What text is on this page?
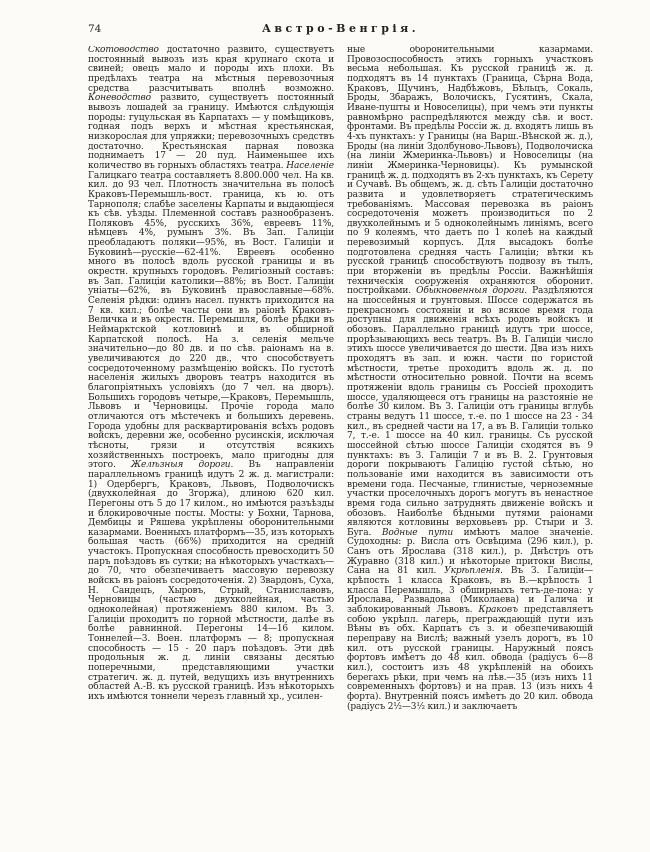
74	Австро-Венгрія.
Скотоводство достаточно развито, существуетъ постоянный вывозъ изъ края крупнаго скота и свиней; овецъ мало и породы ихъ плохи. Въ предѣлахъ театра на мѣстныя перевозочныя средства разсчитывать вполнѣ возможно. Коневодство развито, существуетъ постоянный вывозъ лошадей за границу. Имѣются слѣдующія породы: гуцульская въ Карпатахъ — у помѣщиковъ, годная подъ верхъ и мѣстная крестьянская, низкорослая для упряжки; перевозочныхъ средствъ достаточно. Крестьянская парная повозка поднимаетъ 17 — 20 пуд. Наименьшее ихъ количество въ горныхъ областяхъ театра. Населеніе Галицкаго театра составляетъ 8.800.000 чел. На кв. кил. до 93 чел. Плотность значительна въ полосѣ Краковъ-Перемышль-вост. граница, къ ю. отъ Тарнополя; слабѣе заселены Карпаты и выдающіеся къ сѣв. уѣзды. Племенной составъ разнообразенъ. Поляковъ 45%, русскихъ 36%, евреевъ 11%, нѣмцевъ 4%, румынъ 3%. Въ Зап. Галиціи преобладаютъ поляки—95%, въ Вост. Галиціи и Буковинѣ—русскіе—62-41%. Евреевъ особенно много въ полосѣ вдоль русской границы и въ окрестн. крупныхъ городовъ. Религіозный составъ: въ Зап. Галиціи католики—88%; въ Вост. Галиціи уніаты—62%, въ Буковинѣ православные—68%. Селенія рѣдки: одинъ насел. пунктъ приходится на 7 кв. кил.; болѣе часты они въ раіонѣ Краковъ-Величка и въ окрестн. Перемышля, болѣе рѣдки въ Неймарктской котловинѣ и въ обширной Карпатской полосѣ. На з. селенія мельче значительно—до 80 дв. и по сѣв. раіонамъ на в. увеличиваются до 220 дв., что способствуетъ сосредоточенному размѣщенію войскъ. По густотѣ населенія жилыхъ дворовъ театръ находится въ благопріятныхъ условіяхъ (до 7 чел. на дворъ). Большихъ городовъ четыре,—Краковъ, Перемышль, Львовъ и Черновицы. Прочіе города мало отличаются отъ мѣстечекъ и большихъ деревень. Города удобны для расквартированія всѣхъ родовъ войскъ, деревни же, особенно русинскія, исключая тѣсноты, грязи и отсутствія всякихъ хозяйственныхъ построекъ, мало пригодны для этого. Желѣзныя дороги. Въ направленіи параллельномъ границѣ идутъ 2 ж. д. магистрали: 1) Одербергъ, Краковъ, Львовъ, Подволочискъ (двухколейная до Згоржа), длиною 620 кил. Перегоны отъ 5 до 17 килом., но имѣются разъѣзды и блокировочные посты. Мосты: у Бохни, Тарнова, Дембицы и Ряшева укрѣплены оборонительными казармами. Военныхъ платформъ—35, изъ которыхъ большая часть (66%) приходится на средній участокъ. Пропускная способность превосходитъ 50 паръ поѣздовъ въ сутки; на нѣкоторыхъ участкахъ—до 70, что обезпечиваетъ массовую перевозку войскъ въ раіонъ сосредоточенія. 2) Звардонъ, Суха, Н. Сандецъ, Хыровъ, Стрый, Станиславовъ, Черновицы (частью двухколейная, частью одноколейная) протяженіемъ 880 килом. Въ З. Галиціи проходитъ по горной мѣстности, далѣе въ болѣе равнинной. Перегоны 14—16 килом. Тоннелей—3. Воен. платформъ — 8; пропускная способность — 15 - 20 паръ поѣздовъ. Эти двѣ продольныя ж. д. линіи связаны десятью поперечными, представляющими участки стратегич. ж. д. путей, ведущихъ изъ внутреннихъ областей А.-В. къ русской границѣ. Изъ нѣкоторыхъ ихъ имѣются тоннели черезъ главный хр., усилен-
ные оборонительными казармами. Провозоспособность этихъ горныхъ участковъ весьма небольшая. Къ русской границѣ ж. д. подходятъ въ 14 пунктахъ (Граница, Сѣрна Вода, Краковъ, Щучинъ, Надбѣжовъ, Бѣльцъ, Сокаль, Броды, Збаражъ, Волочискъ, Гусятинъ, Скала, Иване-пушты и Новоселицы), при чемъ эти пункты равномѣрно распредѣляются между сѣв. и вост. фронтами. Въ предѣлы Россіи ж. д. входятъ лишь въ 4-хъ пунктахъ: у Границы (на Варш.-Вѣнской ж. д.), Броды (на линіи Здолбуново-Львовъ), Подволочиска (на линіи Жмеринка-Львовъ) и Новоселицы (на линіи Жмеринка-Черновицы). Къ румынской границѣ ж. д. подходятъ въ 2-хъ пунктахъ, къ Серету и Сучавѣ. Въ общемъ, ж. д. сѣть Галиціи достаточно развита и удовлетворяетъ стратегическимъ требованіямъ. Массовая перевозка въ раіонъ сосредоточенія можетъ производиться по 2 двухколейнымъ и 5 одноколейнымъ линіямъ, всего по 9 колеямъ, что даетъ по 1 колеѣ на каждый перевозимый корпусъ. Для высадокъ болѣе подготовлена средняя часть Галиціи; вѣтки къ русской границѣ способствуютъ подвозу въ тылъ, при вторженіи въ предѣлы Россіи. Важнѣйшія техническія сооруженія охраняются оборонит. постройками. Обыкновенныя дороги. Раздѣляются на шоссейныя и грунтовыя. Шоссе содержатся въ прекрасномъ состояніи и во всякое время года доступны для движенія всѣхъ родовъ войскъ и обозовъ. Параллельно границѣ идутъ три шоссе, прорѣзывающихъ весь театръ. Въ В. Галиціи число этихъ шоссе увеличивается до шести. Два изъ нихъ проходятъ въ зап. и южн. части по гористой мѣстности, третье проходитъ вдоль ж. д. по мѣстности относительно ровной. Почти на всемъ протяженіи вдоль границы съ Россіей проходитъ шоссе, удаляющееся отъ границы на разстояніе не болѣе 30 килом. Въ З. Галиціи отъ границы вглубь страны ведутъ 11 шоссе, т.-е. по 1 шоссе на 23 - 34 кил., въ средней части на 17, а въ В. Галиціи только 7, т.-е. 1 шоссе на 40 кил. границы. Съ русской шоссейной сѣтью шоссе Галиціи сходятся въ 9 пунктахъ: въ З. Галиціи 7 и въ В. 2. Грунтовыя дороги покрываютъ Галицію густой сѣтью, но пользованіе ими находится въ зависимости отъ времени года. Песчаные, глинистые, черноземные участки проселочныхъ дорогъ могутъ въ ненастное время года сильно затруднять движеніе войскъ и обозовъ. Наиболѣе бѣдными путями раіонами являются котловины верховьевъ рр. Стыри и З. Буга. Водные пути имѣютъ малое значеніе. Судоходны: р. Висла отъ Освѣцима (296 кил.), р. Санъ отъ Ярослава (318 кил.), р. Днѣстръ отъ Журавно (318 кил.) и нѣкоторые притоки Вислы, Сана на 81 кил. Укрѣпленія. Въ З. Галиціи—крѣпость 1 класса Краковъ, въ В.—крѣпость 1 класса Перемышль, 3 обширныхъ тетъ-де-пона: у Ярослава, Развадова (Миколаева) и Галича и заблокированный Львовъ. Краковъ представляетъ собою укрѣпл. лагерь, преграждающій пути изъ Вѣны въ обх. Карпатъ съ з. и обезпечивающій переправу на Вислѣ; важный узелъ дорогъ, въ 10 кил. отъ русской границы. Наружный поясъ фортовъ имѣетъ до 48 кил. обвода (радіусъ 6—8 кил.), состоитъ изъ 48 укрѣпленій на обоихъ берегахъ рѣки, при чемъ на лѣв.—35 (изъ нихъ 11 современныхъ фортовъ) и на прав. 13 (изъ нихъ 4 форта). Внутренній поясъ имѣетъ до 20 кил. обвода (радіусъ 2½—3½ кил.) и заключаетъ
